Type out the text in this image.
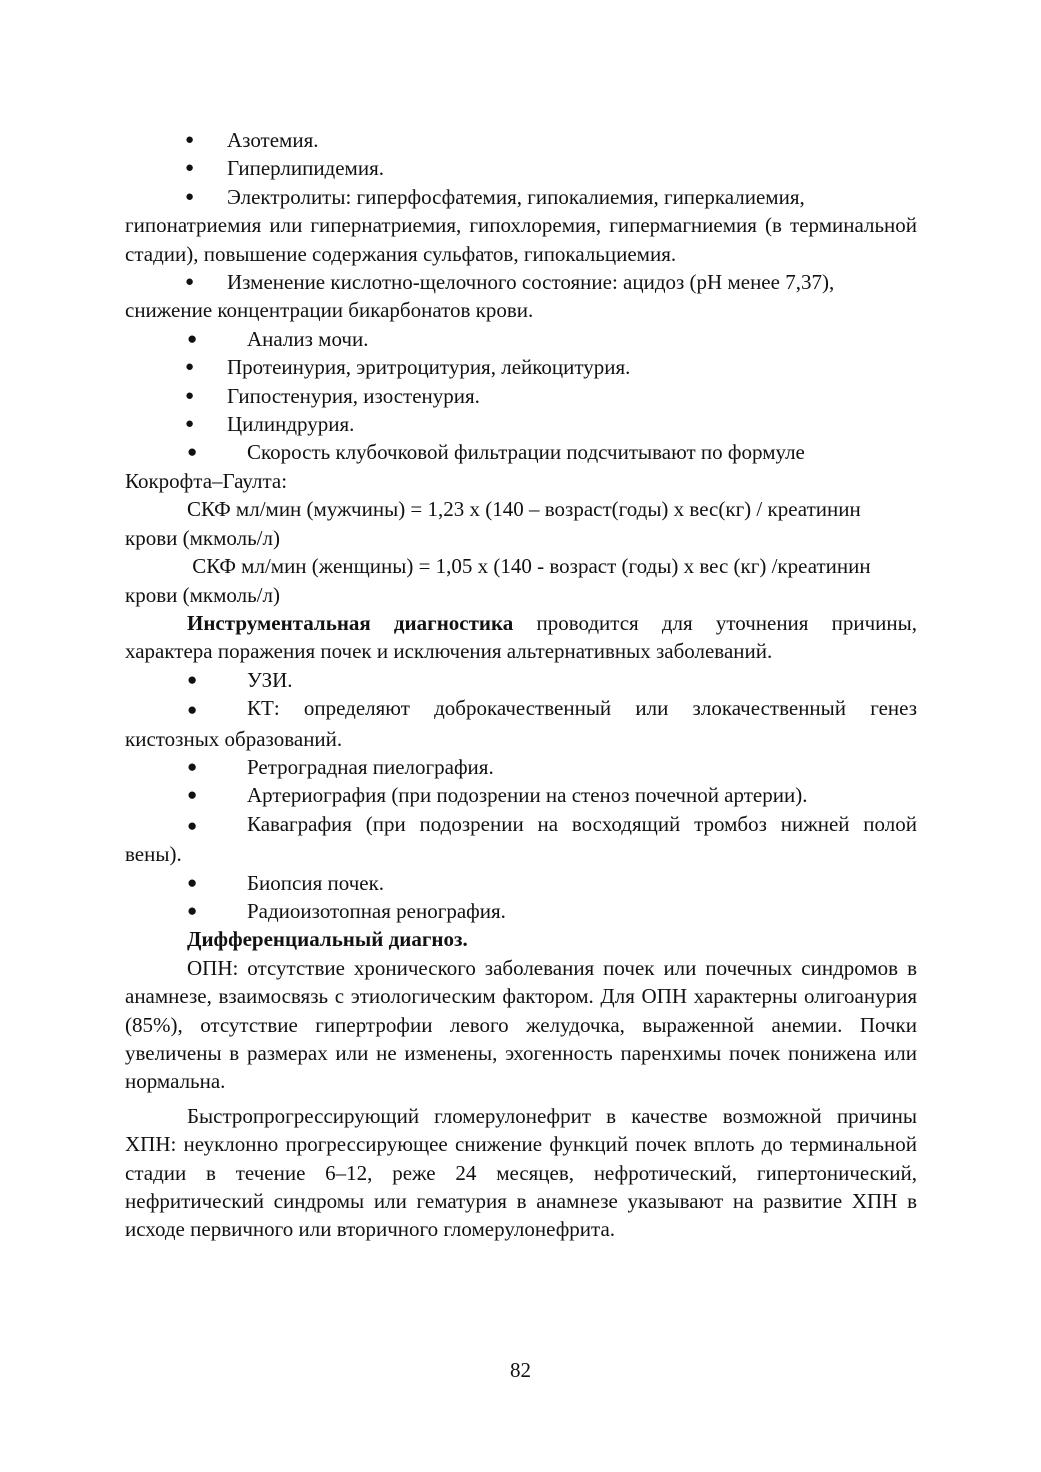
●	Азотемия.
●	Гиперлипидемия.
●	Электролиты: гиперфосфатемия, гипокалиемия, гиперкалиемия,

гипонатриемия или гипернатриемия, гипохлоремия, гипермагниемия (в терминальной стадии), повышение содержания сульфатов, гипокальциемия.

●	Изменение кислотно-щелочного состояние: ацидоз (рН менее 7,37),

снижение концентрации бикарбонатов крови.

●	Анализ мочи.
●	Протеинурия, эритроцитурия, лейкоцитурия.
●	Гипостенурия, изостенурия.
●	Цилиндрурия.
●	Скорость клубочковой фильтрации подсчитывают по формуле

Кокрофта–Гаулта:

СКФ мл/мин (мужчины) = 1,23 х (140 – возраст(годы) х вес(кг) / креатинин крови (мкмоль/л)

СКФ мл/мин (женщины) = 1,05 х (140 - возраст (годы) х вес (кг) /креатинин крови (мкмоль/л)

Инструментальная диагностика проводится для уточнения причины, характера поражения почек и исключения альтернативных заболеваний.

●	УЗИ.

● КТ: определяют доброкачественный или злокачественный генез кистозных образований.

●	Ретроградная пиелография.
●	Артериография (при подозрении на стеноз почечной артерии).

● Каваграфия (при подозрении на восходящий тромбоз нижней полой вены).

●	Биопсия почек.
●	Радиоизотопная ренография.

Дифференциальный диагноз.

ОПН: отсутствие хронического заболевания почек или почечных синдромов в анамнезе, взаимосвязь с этиологическим фактором. Для ОПН характерны олигоанурия (85%), отсутствие гипертрофии левого желудочка, выраженной анемии. Почки увеличены в размерах или не изменены, эхогенность паренхимы почек понижена или нормальна.

Быстропрогрессирующий гломерулонефрит в качестве возможной причины ХПН: неуклонно прогрессирующее снижение функций почек вплоть до терминальной стадии в течение 6–12, реже 24 месяцев, нефротический, гипертонический, нефритический синдромы или гематурия в анамнезе указывают на развитие ХПН в исходе первичного или вторичного гломерулонефрита.

82
